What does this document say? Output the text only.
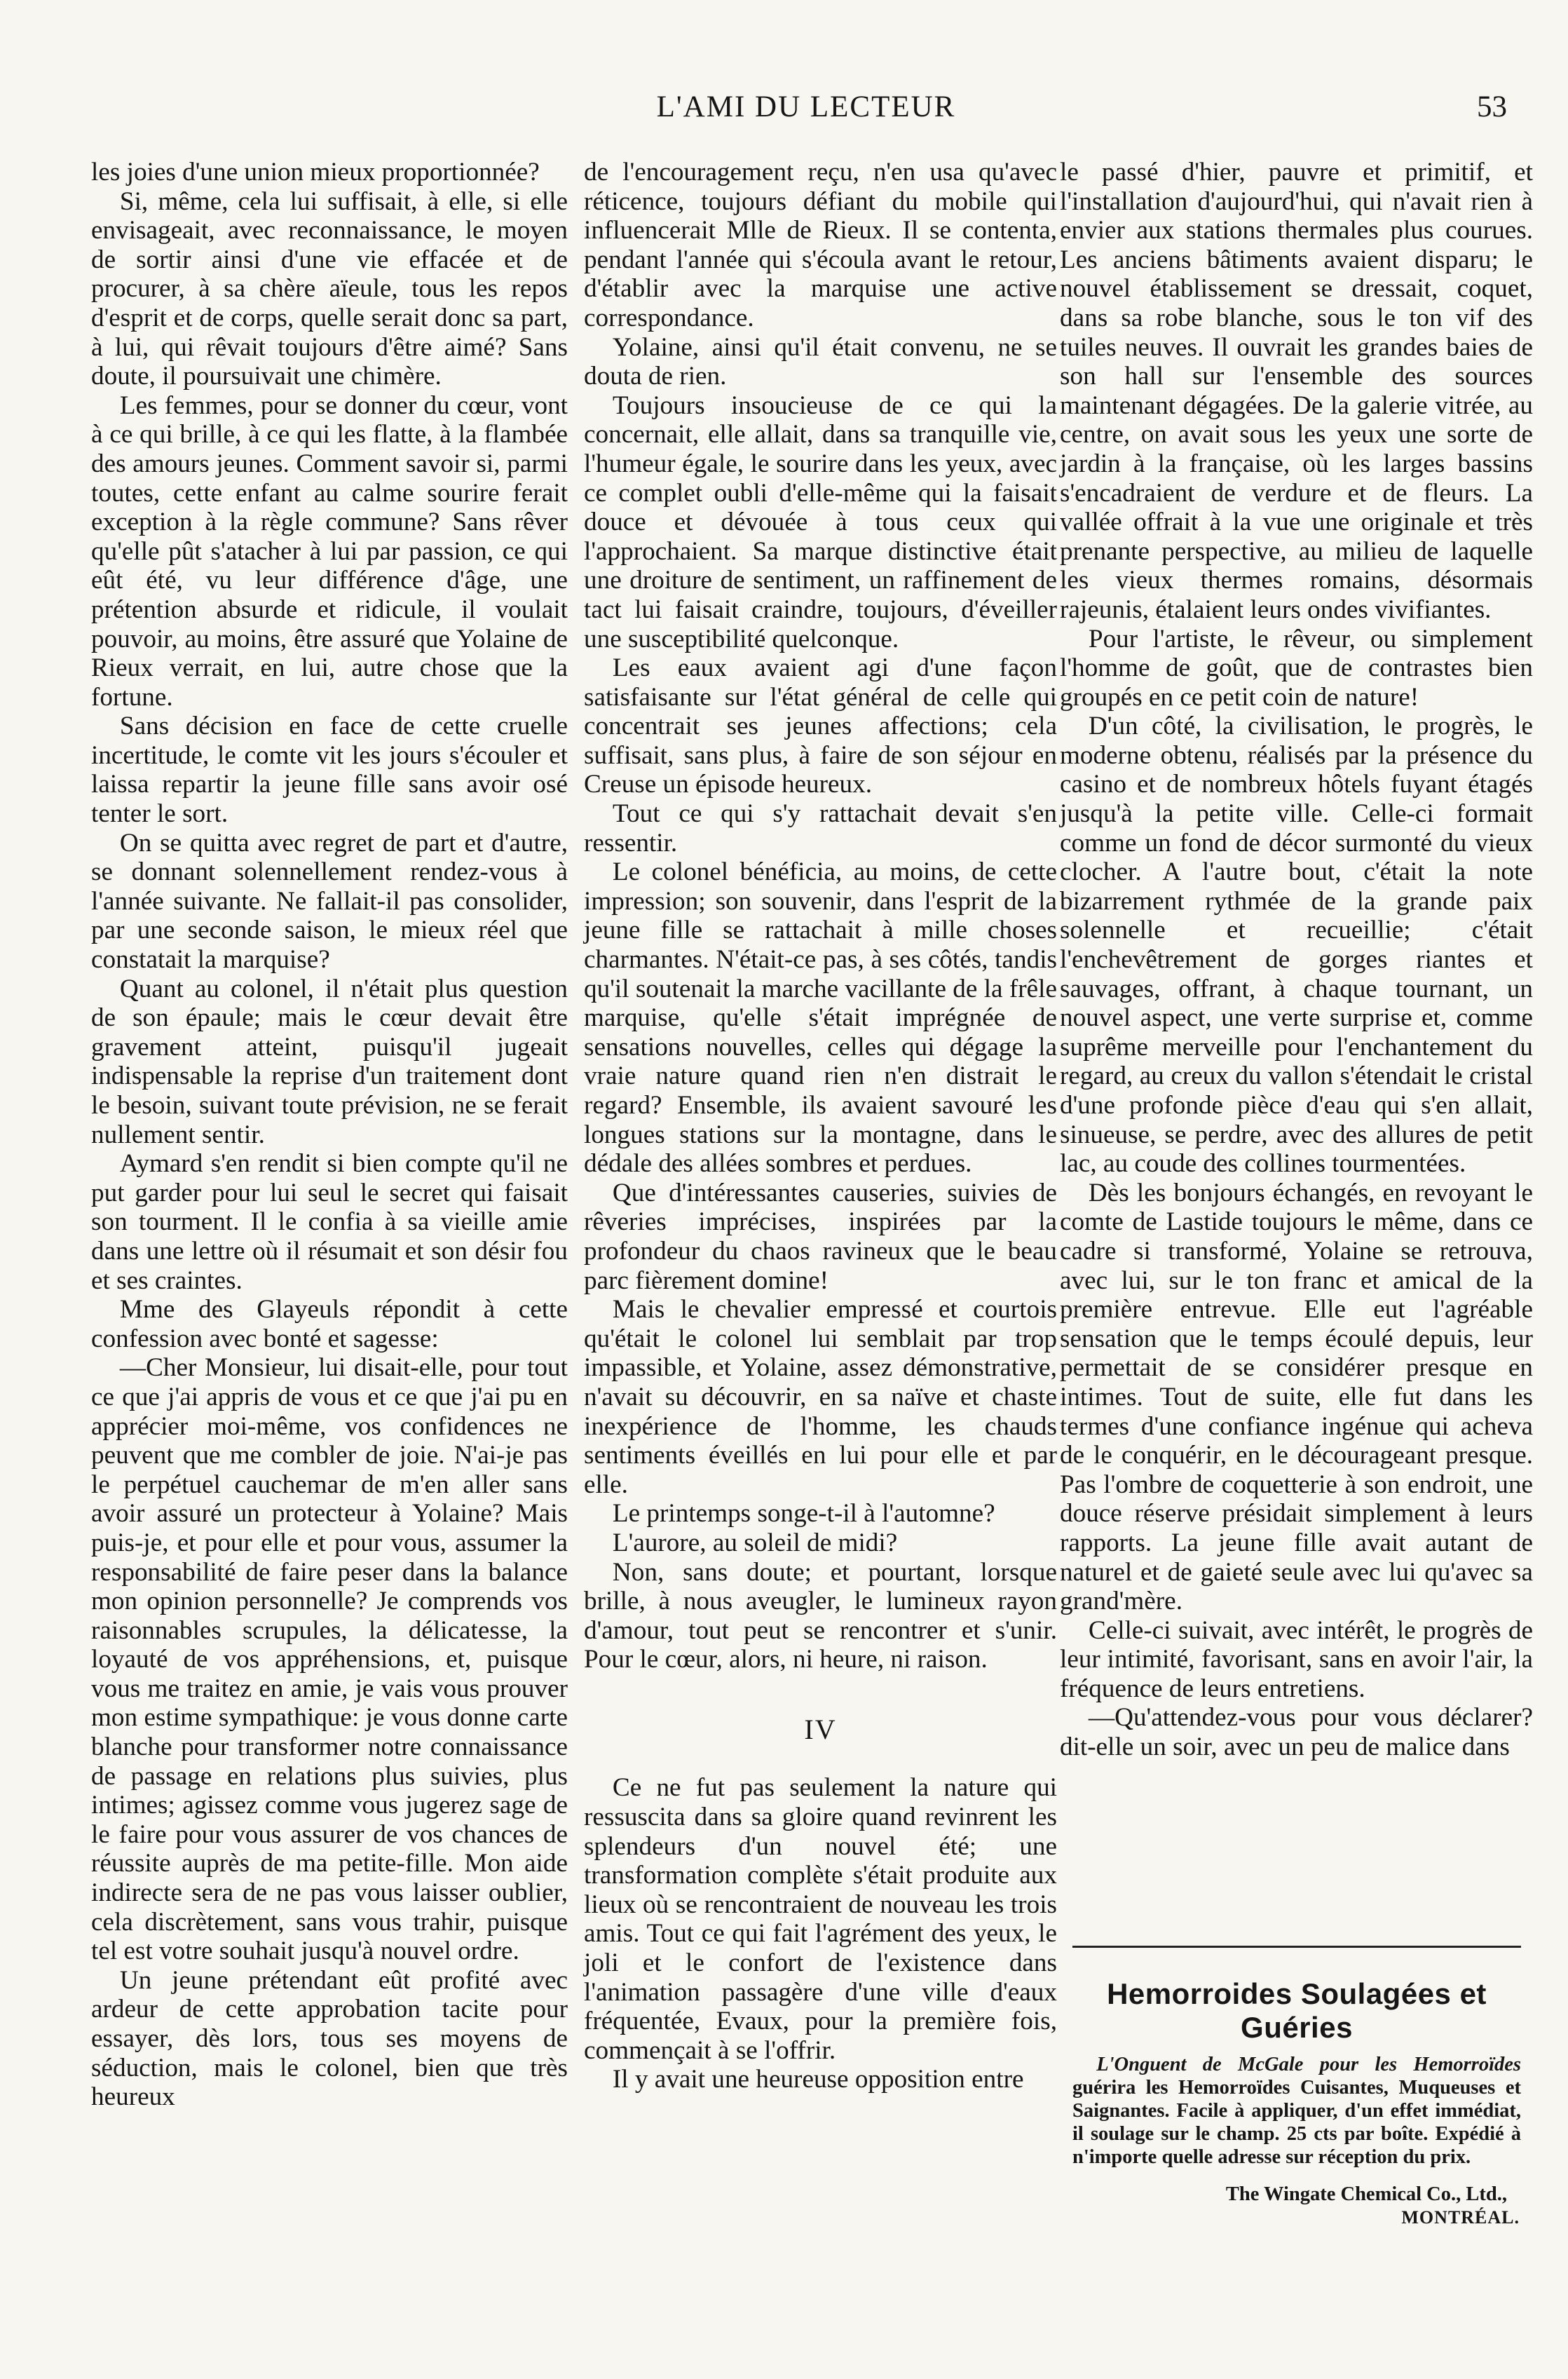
L'AMI DU LECTEUR	53

les joies d'une union mieux proportionnée?

Si, même, cela lui suffisait, à elle, si elle envisageait, avec reconnaissance, le moyen de sortir ainsi d'une vie effacée et de procurer, à sa chère aïeule, tous les repos d'esprit et de corps, quelle serait donc sa part, à lui, qui rêvait toujours d'être aimé? Sans doute, il poursuivait une chimère.

Les femmes, pour se donner du cœur, vont à ce qui brille, à ce qui les flatte, à la flambée des amours jeunes. Comment savoir si, parmi toutes, cette enfant au calme sourire ferait exception à la règle commune? Sans rêver qu'elle pût s'atacher à lui par passion, ce qui eût été, vu leur différence d'âge, une prétention absurde et ridicule, il voulait pouvoir, au moins, être assuré que Yolaine de Rieux verrait, en lui, autre chose que la fortune.

Sans décision en face de cette cruelle incertitude, le comte vit les jours s'écouler et laissa repartir la jeune fille sans avoir osé tenter le sort.

On se quitta avec regret de part et d'autre, se donnant solennellement rendez-vous à l'année suivante. Ne fallait-il pas consolider, par une seconde saison, le mieux réel que constatait la marquise?

Quant au colonel, il n'était plus question de son épaule; mais le cœur devait être gravement atteint, puisqu'il jugeait indispensable la reprise d'un traitement dont le besoin, suivant toute prévision, ne se ferait nullement sentir.

Aymard s'en rendit si bien compte qu'il ne put garder pour lui seul le secret qui faisait son tourment. Il le confia à sa vieille amie dans une lettre où il résumait et son désir fou et ses craintes.

Mme des Glayeuls répondit à cette confession avec bonté et sagesse:

—Cher Monsieur, lui disait-elle, pour tout ce que j'ai appris de vous et ce que j'ai pu en apprécier moi-même, vos confidences ne peuvent que me combler de joie. N'ai-je pas le perpétuel cauchemar de m'en aller sans avoir assuré un protecteur à Yolaine? Mais puis-je, et pour elle et pour vous, assumer la responsabilité de faire peser dans la balance mon opinion personnelle? Je comprends vos raisonnables scrupules, la délicatesse, la loyauté de vos appréhensions, et, puisque vous me traitez en amie, je vais vous prouver mon estime sympathique: je vous donne carte blanche pour transformer notre connaissance de passage en relations plus suivies, plus intimes; agissez comme vous jugerez sage de le faire pour vous assurer de vos chances de réussite auprès de ma petite-fille. Mon aide indirecte sera de ne pas vous laisser oublier, cela discrètement, sans vous trahir, puisque tel est votre souhait jusqu'à nouvel ordre.

Un jeune prétendant eût profité avec ardeur de cette approbation tacite pour essayer, dès lors, tous ses moyens de séduction, mais le colonel, bien que très heureux

de l'encouragement reçu, n'en usa qu'avec réticence, toujours défiant du mobile qui influencerait Mlle de Rieux. Il se contenta, pendant l'année qui s'écoula avant le retour, d'établir avec la marquise une active correspondance.

Yolaine, ainsi qu'il était convenu, ne se douta de rien.

Toujours insoucieuse de ce qui la concernait, elle allait, dans sa tranquille vie, l'humeur égale, le sourire dans les yeux, avec ce complet oubli d'elle-même qui la faisait douce et dévouée à tous ceux qui l'approchaient. Sa marque distinctive était une droiture de sentiment, un raffinement de tact lui faisait craindre, toujours, d'éveiller une susceptibilité quelconque.

Les eaux avaient agi d'une façon satisfaisante sur l'état général de celle qui concentrait ses jeunes affections; cela suffisait, sans plus, à faire de son séjour en Creuse un épisode heureux.

Tout ce qui s'y rattachait devait s'en ressentir.

Le colonel bénéficia, au moins, de cette impression; son souvenir, dans l'esprit de la jeune fille se rattachait à mille choses charmantes. N'était-ce pas, à ses côtés, tandis qu'il soutenait la marche vacillante de la frêle marquise, qu'elle s'était imprégnée de sensations nouvelles, celles qui dégage la vraie nature quand rien n'en distrait le regard? Ensemble, ils avaient savouré les longues stations sur la montagne, dans le dédale des allées sombres et perdues.

Que d'intéressantes causeries, suivies de rêveries imprécises, inspirées par la profondeur du chaos ravineux que le beau parc fièrement domine!

Mais le chevalier empressé et courtois qu'était le colonel lui semblait par trop impassible, et Yolaine, assez démonstrative, n'avait su découvrir, en sa naïve et chaste inexpérience de l'homme, les chauds sentiments éveillés en lui pour elle et par elle.

Le printemps songe-t-il à l'automne?

L'aurore, au soleil de midi?

Non, sans doute; et pourtant, lorsque brille, à nous aveugler, le lumineux rayon d'amour, tout peut se rencontrer et s'unir. Pour le cœur, alors, ni heure, ni raison.

IV

Ce ne fut pas seulement la nature qui ressuscita dans sa gloire quand revinrent les splendeurs d'un nouvel été; une transformation complète s'était produite aux lieux où se rencontraient de nouveau les trois amis. Tout ce qui fait l'agrément des yeux, le joli et le confort de l'existence dans l'animation passagère d'une ville d'eaux fréquentée, Evaux, pour la première fois, commençait à se l'offrir.

Il y avait une heureuse opposition entre

le passé d'hier, pauvre et primitif, et l'installation d'aujourd'hui, qui n'avait rien à envier aux stations thermales plus courues. Les anciens bâtiments avaient disparu; le nouvel établissement se dressait, coquet, dans sa robe blanche, sous le ton vif des tuiles neuves. Il ouvrait les grandes baies de son hall sur l'ensemble des sources maintenant dégagées. De la galerie vitrée, au centre, on avait sous les yeux une sorte de jardin à la française, où les larges bassins s'encadraient de verdure et de fleurs. La vallée offrait à la vue une originale et très prenante perspective, au milieu de laquelle les vieux thermes romains, désormais rajeunis, étalaient leurs ondes vivifiantes.

Pour l'artiste, le rêveur, ou simplement l'homme de goût, que de contrastes bien groupés en ce petit coin de nature!

D'un côté, la civilisation, le progrès, le moderne obtenu, réalisés par la présence du casino et de nombreux hôtels fuyant étagés jusqu'à la petite ville. Celle-ci formait comme un fond de décor surmonté du vieux clocher. A l'autre bout, c'était la note bizarrement rythmée de la grande paix solennelle et recueillie; c'était l'enchevêtrement de gorges riantes et sauvages, offrant, à chaque tournant, un nouvel aspect, une verte surprise et, comme suprême merveille pour l'enchantement du regard, au creux du vallon s'étendait le cristal d'une profonde pièce d'eau qui s'en allait, sinueuse, se perdre, avec des allures de petit lac, au coude des collines tourmentées.

Dès les bonjours échangés, en revoyant le comte de Lastide toujours le même, dans ce cadre si transformé, Yolaine se retrouva, avec lui, sur le ton franc et amical de la première entrevue. Elle eut l'agréable sensation que le temps écoulé depuis, leur permettait de se considérer presque en intimes. Tout de suite, elle fut dans les termes d'une confiance ingénue qui acheva de le conquérir, en le décourageant presque. Pas l'ombre de coquetterie à son endroit, une douce réserve présidait simplement à leurs rapports. La jeune fille avait autant de naturel et de gaieté seule avec lui qu'avec sa grand'mère.

Celle-ci suivait, avec intérêt, le progrès de leur intimité, favorisant, sans en avoir l'air, la fréquence de leurs entretiens.

—Qu'attendez-vous pour vous déclarer? dit-elle un soir, avec un peu de malice dans

Hemorroides Soulagées et Guéries
L'Onguent de McGale pour les Hemorroïdes guérira les Hemorroïdes Cuisantes, Muqueuses et Saignantes. Facile à appliquer, d'un effet immédiat, il soulage sur le champ. 25 cts par boîte. Expédié à n'importe quelle adresse sur réception du prix.
The Wingate Chemical Co., Ltd.,
MONTRÉAL.
